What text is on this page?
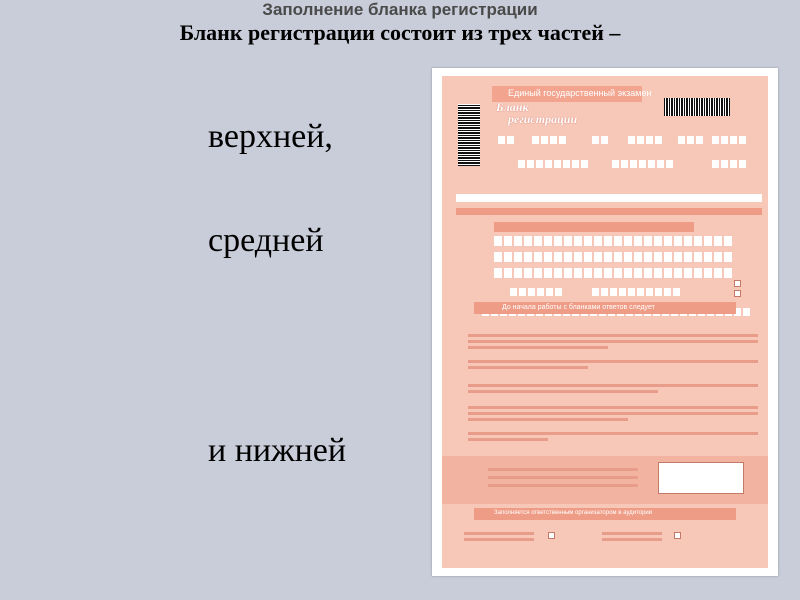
Заполнение бланка регистрации
Бланк регистрации состоит из трех частей –
верхней,
средней
и нижней
Единый государственный экзамен
Бланк
регистрации
До начала работы с бланками ответов следует
Заполняется ответственным организатором в аудитории
